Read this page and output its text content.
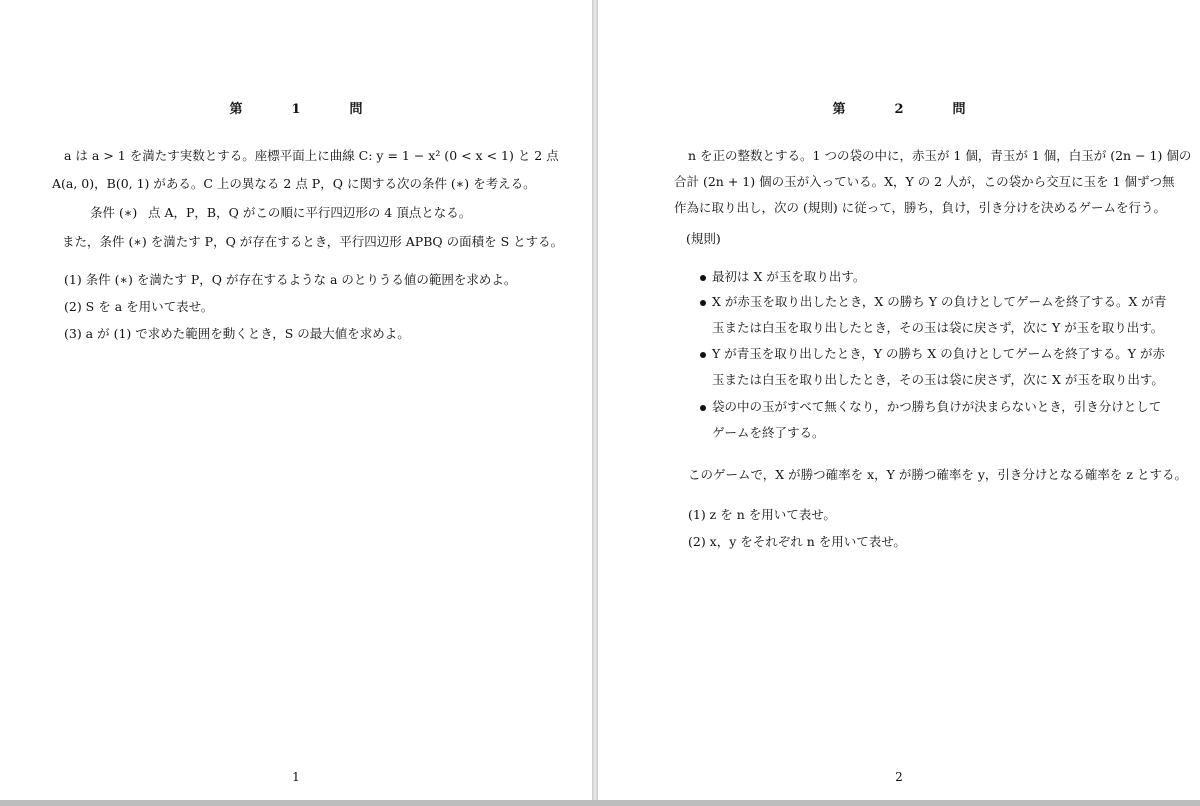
第　1　問
a は a > 1 を満たす実数とする。座標平面上に曲線 C: y = 1 − x² (0 < x < 1) と 2 点
A(a, 0)，B(0, 1) がある。C 上の異なる 2 点 P，Q に関する次の条件 (∗) を考える。
条件 (∗) 点 A，P，B，Q がこの順に平行四辺形の 4 頂点となる。
また，条件 (∗) を満たす P，Q が存在するとき，平行四辺形 APBQ の面積を S とする。
(1) 条件 (∗) を満たす P，Q が存在するような a のとりうる値の範囲を求めよ。
(2) S を a を用いて表せ。
(3) a が (1) で求めた範囲を動くとき，S の最大値を求めよ。
1
第　2　問
n を正の整数とする。1 つの袋の中に，赤玉が 1 個，青玉が 1 個，白玉が (2n − 1) 個の
合計 (2n + 1) 個の玉が入っている。X，Y の 2 人が，この袋から交互に玉を 1 個ずつ無
作為に取り出し，次の (規則) に従って，勝ち，負け，引き分けを決めるゲームを行う。
(規則)
最初は X が玉を取り出す。
X が赤玉を取り出したとき，X の勝ち Y の負けとしてゲームを終了する。X が青
玉または白玉を取り出したとき，その玉は袋に戻さず，次に Y が玉を取り出す。
Y が青玉を取り出したとき，Y の勝ち X の負けとしてゲームを終了する。Y が赤
玉または白玉を取り出したとき，その玉は袋に戻さず，次に X が玉を取り出す。
袋の中の玉がすべて無くなり，かつ勝ち負けが決まらないとき，引き分けとして
ゲームを終了する。
このゲームで，X が勝つ確率を x，Y が勝つ確率を y，引き分けとなる確率を z とする。
(1) z を n を用いて表せ。
(2) x，y をそれぞれ n を用いて表せ。
2
